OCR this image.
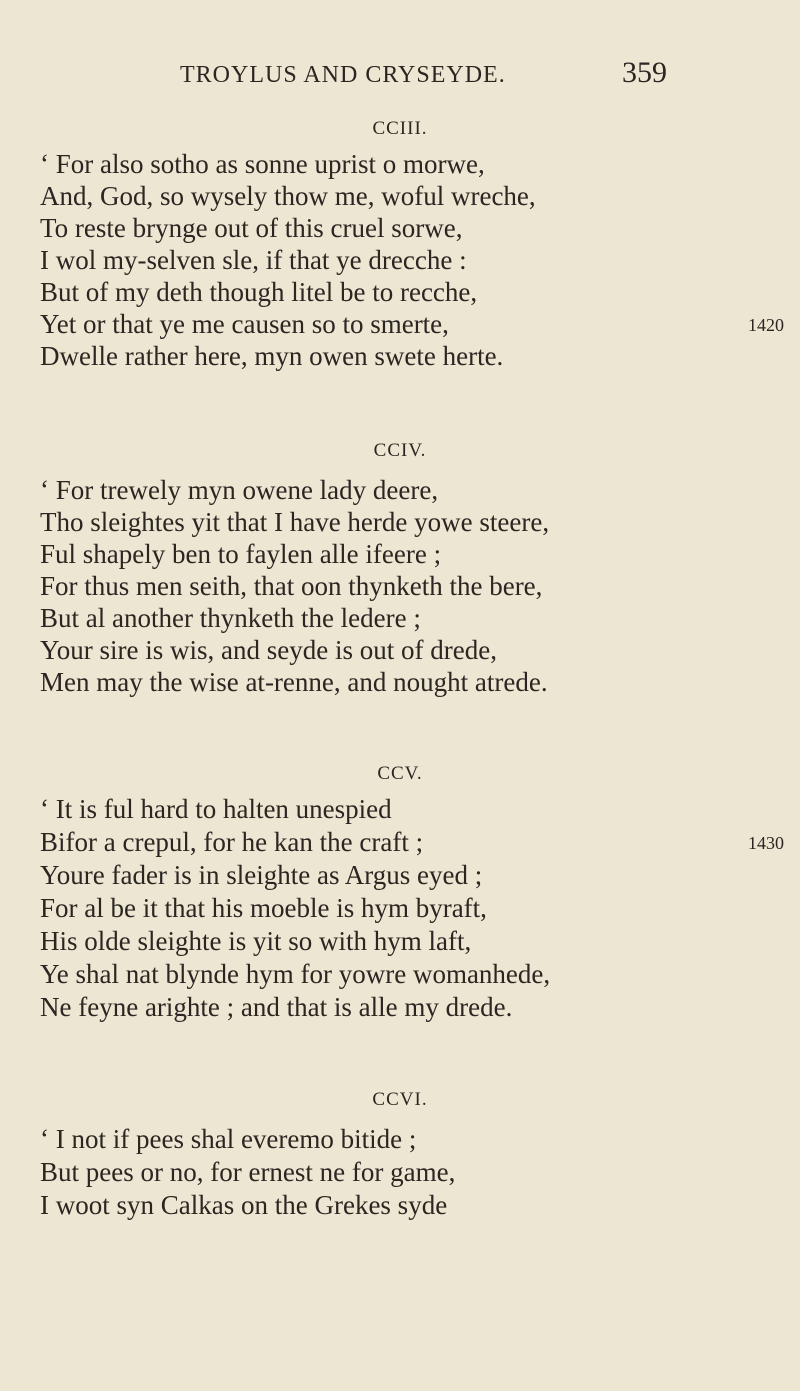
TROYLUS AND CRYSEYDE.	359
CCIII.
‘ For also sotho as sonne uprist o morwe,
And, God, so wysely thow me, woful wreche,
To reste brynge out of this cruel sorwe,
I wol my-selven sle, if that ye drecche :
But of my deth though litel be to recche,
Yet or that ye me causen so to smerte,	1420
Dwelle rather here, myn owen swete herte.
CCIV.
‘ For trewely myn owene lady deere,
Tho sleightes yit that I have herde yowe steere,
Ful shapely ben to faylen alle ifeere ;
For thus men seith, that oon thynketh the bere,
But al another thynketh the ledere ;
Your sire is wis, and seyde is out of drede,
Men may the wise at-renne, and nought atrede.
CCV.
‘ It is ful hard to halten unespied
Bifor a crepul, for he kan the craft ;	1430
Youre fader is in sleighte as Argus eyed ;
For al be it that his moeble is hym byraft,
His olde sleighte is yit so with hym laft,
Ye shal nat blynde hym for yowre womanhede,
Ne feyne arighte ; and that is alle my drede.
CCVI.
‘ I not if pees shal everemo bitide ;
But pees or no, for ernest ne for game,
I woot syn Calkas on the Grekes syde
